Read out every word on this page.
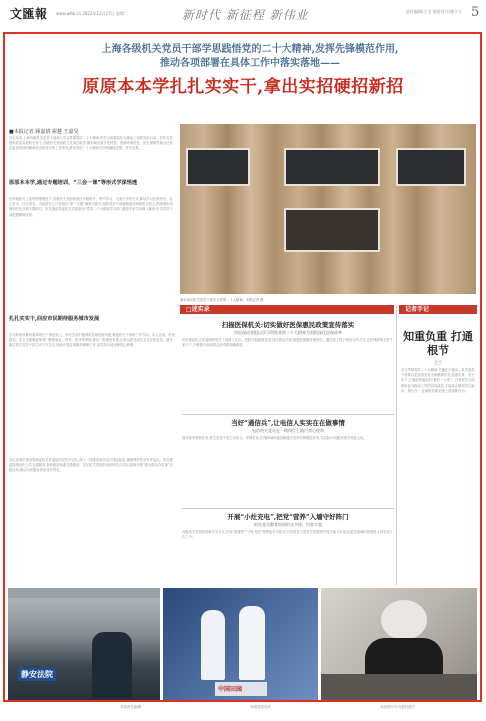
文匯報 www.whb.cn 2022年12月27日 星期二	新时代 新征程 新伟业	责任编辑/王莹 视觉设计/童立名 5
上海各级机关党员干部学思践悟党的二十大精神,发挥先锋模范作用,
推动各项部署在具体工作中落实落地——
原原本本学扎扎实实干,拿出实招硬招新招
■本报记者 顾嘉倩 祝越 王嘉旻
岁末年初,上海各级机关党员干部深入学习贯彻党的二十大精神,把学习成果转化为推动工作的实际行动。在机关党建高质量发展的引领下,各级机关党组织立足岗位职责,紧扣城市数字化转型、营商环境优化、民生保障等重点任务,以更加昂扬的精神状态和务实的工作作风,推动党的二十大精神在申城落地生根、开花结果。
原原本本学,通过专题培训、“三会一课”等形式学深悟透
在市级机关工委的统筹推进下,各级机关党组织通过专题研讨、集中学习、交流分享等方式,推动学习往深里走、往心里走、往实里走。市政府办公厅党组以“第一议题”制度为抓手,组织党员干部逐段逐句研读报告原文,围绕城市治理现代化开展专题研讨。市发展改革委机关党委推出“党的二十大精神学习周”,邀请专家学者深入解读,引导党员干部把握精神实质。
扎扎实实干,回应市民期待服务城市发展
学习的成效最终要体现在干事创业上。市民生活中遇到的急难愁盼问题,就是机关干部的工作方向。市人社局、市民政局、市卫生健康委等部门聚焦就业、养老、医疗等领域,推出一批惠民举措,让群众感受到实实在在的变化。浦东新区机关党员干部主动下沉社区,协助开展各项服务保障工作,用实际行动诠释初心使命。
市住房城乡建设管理委机关党委组织党员突击队,深入一线排查城市运行风险隐患,确保城市安全有序运行。市交通委持续优化公共交通服务,加快推进轨道交通建设。各区机关党组织也纷纷结合实际,创新开展“我为群众办实事”实践活动,推动为民服务常态化长效化。
浦东新区机关党员干部学习党的二十大精神。本报记者 摄
□述实录
扫描医保机关:切实做好医保惠民政策宣传落实
市医保局党组以学习贯彻党的二十大精神为契机深化医保改革
市医保局机关党委组织党员干部深入社区、医院开展政策宣讲,回应群众关切,推进医保服务便民化。通过线上线下相结合的方式,让医保政策走进千家万户,不断提升参保群众获得感和满意度。
当好“通信兵”,让电信人实实在在做事情
电信机关党员在一线岗位上践行初心使命
面对新形势新任务,机关党员干部主动担当、冲锋在前,在保障城市通信畅通中发挥先锋模范作用,以实际行动服务城市发展大局。
开展“小灶充电”,把党“营养”入墙守好阵门
机关党员教育培训形式多样、内容丰富
各级机关党组织创新学习方式,开设“微课堂”“小灶充电”等特色学习形式,引导党员干部在学思践悟中提升能力本领,以更加饱满的热情投入到各项工作之中。
记者手记
知重负重 打通根节
王兰
学习贯彻党的二十大精神,关键在于落实。机关党员干部要以更加奋发有为的精神状态,知重负重、苦干实干,打通政策落实的“最后一公里”。只有把学习成果转化为推动工作的实际成效,才能真正做到学以致用、知行合一,在新时代新征程上展现新作为。
静安法院
中国田园
本版责任编辑	本版视觉设计	本版图片均为资料照片
